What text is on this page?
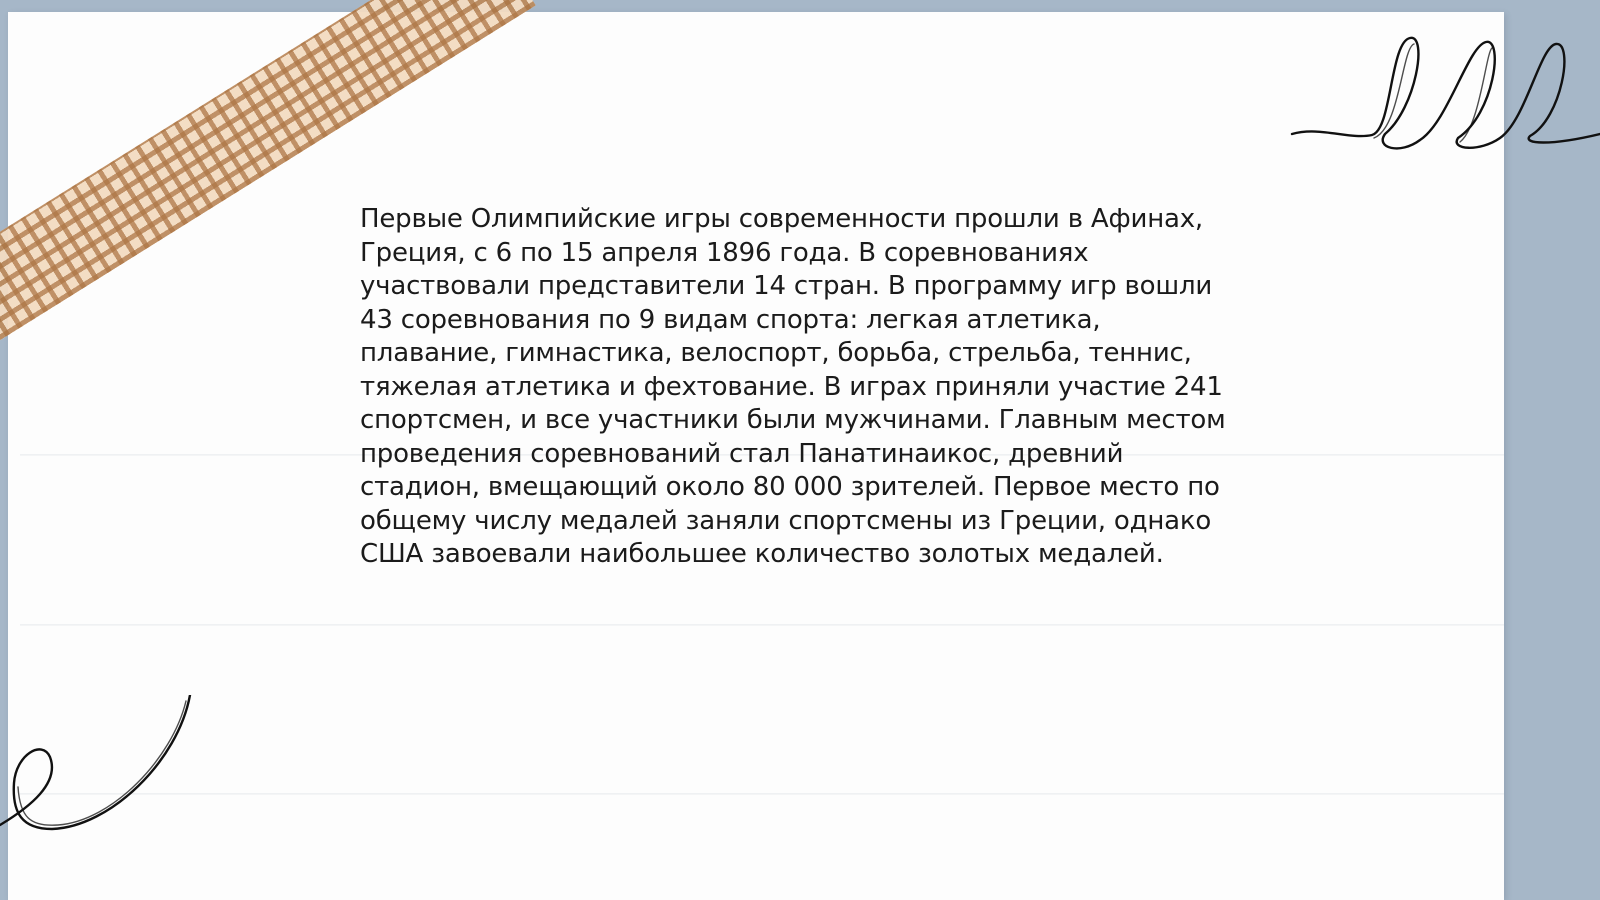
Первые Олимпийские игры современности прошли в Афинах,
Греция, с 6 по 15 апреля 1896 года. В соревнованиях
участвовали представители 14 стран. В программу игр вошли
43 соревнования по 9 видам спорта: легкая атлетика,
плавание, гимнастика, велоспорт, борьба, стрельба, теннис,
тяжелая атлетика и фехтование. В играх приняли участие 241
спортсмен, и все участники были мужчинами. Главным местом
проведения соревнований стал Панатинаикос, древний
стадион, вмещающий около 80 000 зрителей. Первое место по
общему числу медалей заняли спортсмены из Греции, однако
США завоевали наибольшее количество золотых медалей.
